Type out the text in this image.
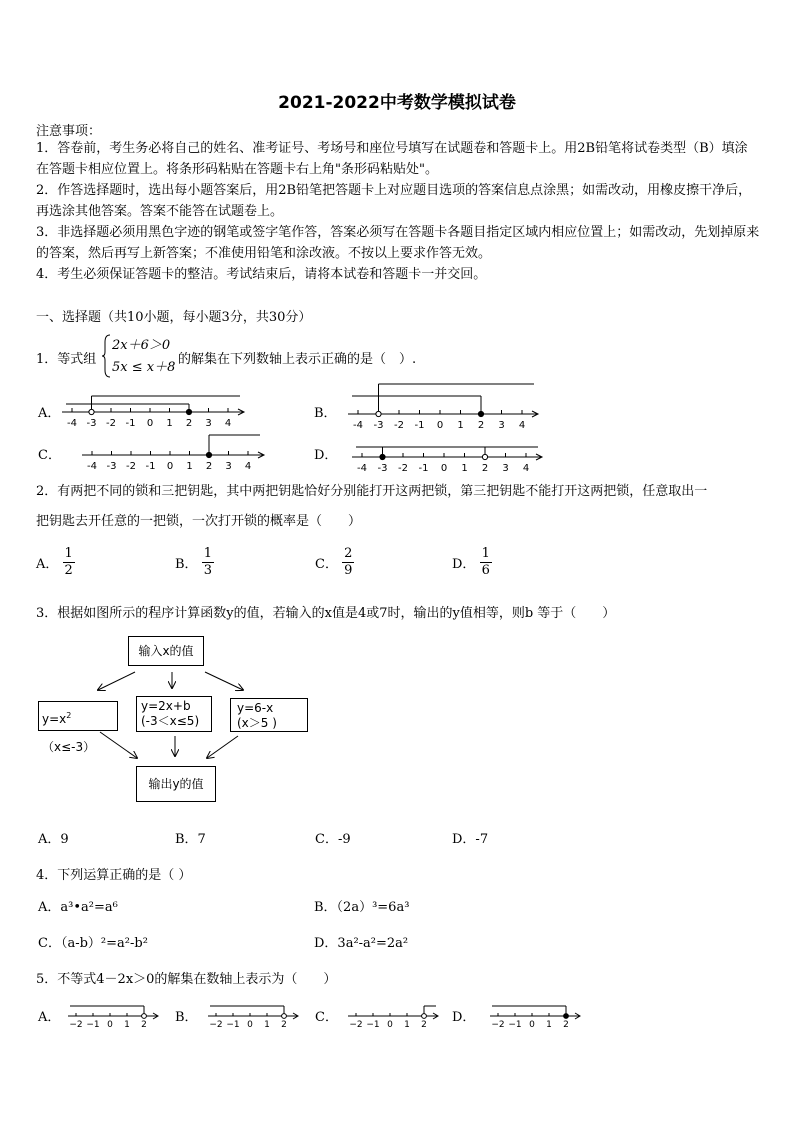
2021-2022中考数学模拟试卷
注意事项：
1．答卷前，考生务必将自己的姓名、准考证号、考场号和座位号填写在试题卷和答题卡上。用2B铅笔将试卷类型（B）填涂在答题卡相应位置上。将条形码粘贴在答题卡右上角"条形码粘贴处"。
2．作答选择题时，选出每小题答案后，用2B铅笔把答题卡上对应题目选项的答案信息点涂黑；如需改动，用橡皮擦干净后，再选涂其他答案。答案不能答在试题卷上。
3．非选择题必须用黑色字迹的钢笔或签字笔作答，答案必须写在答题卡各题目指定区域内相应位置上；如需改动，先划掉原来的答案，然后再写上新答案；不准使用铅笔和涂改液。不按以上要求作答无效。
4．考生必须保证答题卡的整洁。考试结束后，请将本试卷和答题卡一并交回。
一、选择题（共10小题，每小题3分，共30分）
1．等式组
2x＋6＞0
5x ≤ x＋8
的解集在下列数轴上表示正确的是（　）.
A．	B．
C．	D．
-4 -3 -2 -1 0 1 2 3 4	-4 -3 -2 -1 0 1 2 3 4
-4 -3 -2 -1 0 1 2 3 4	-4 -3 -2 -1 0 1 2 3 4
2．有两把不同的锁和三把钥匙，其中两把钥匙恰好分别能打开这两把锁，第三把钥匙不能打开这两把锁，任意取出一
把钥匙去开任意的一把锁，一次打开锁的概率是（　　）
A． $\frac{1}{2}$	B． $\frac{1}{3}$	C． $\frac{2}{9}$	D． $\frac{1}{6}$
3．根据如图所示的程序计算函数y的值，若输入的x值是4或7时，输出的y值相等，则b 等于（　　）
输入x的值
$y=x^2(x\le-3)$
y=2x+b
(-3＜x≤5)
y=6-x
(x＞5 )
输出y的值
A．9	B．7	C．-9	D．-7
4．下列运算正确的是（ ）
A．a³•a²=a⁶	B．（2a）³=6a³
C．（a-b）²=a²-b²	D．3a²-a²=2a²
5．不等式4－2x＞0的解集在数轴上表示为（　　）
A．	B．	C．	D．
−2 −1 0 1 2	−2 −1 0 1 2	−2 −1 0 1 2	−2 −1 0 1 2
